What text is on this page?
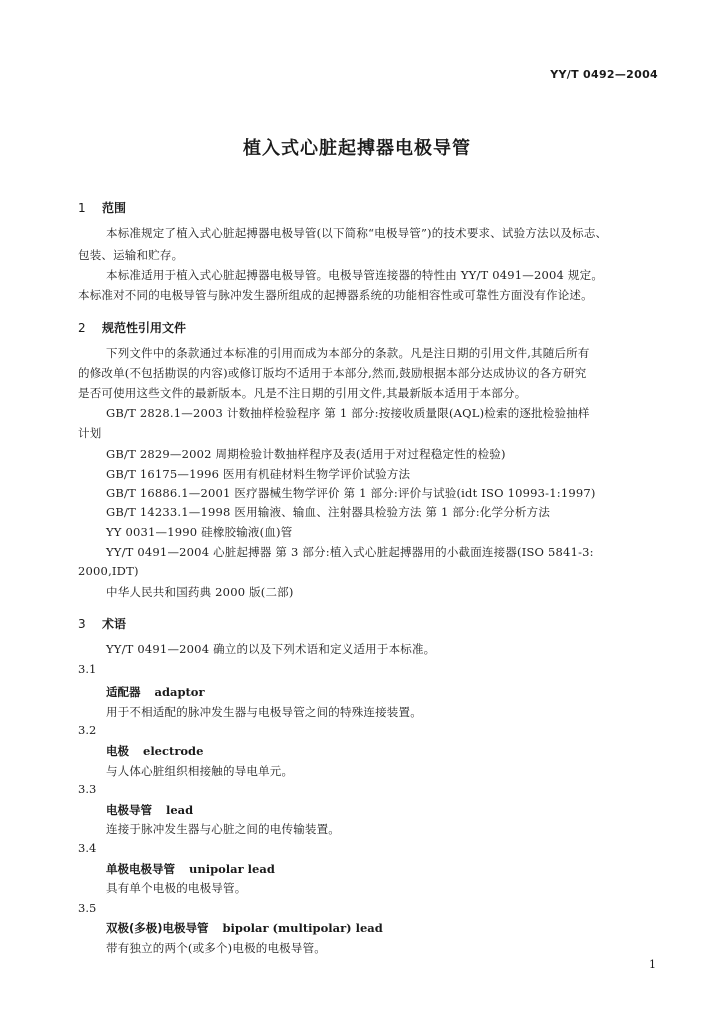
YY/T 0492—2004
植入式心脏起搏器电极导管
1 范围
本标准规定了植入式心脏起搏器电极导管(以下简称“电极导管”)的技术要求、试验方法以及标志、
包装、运输和贮存。
本标准适用于植入式心脏起搏器电极导管。电极导管连接器的特性由 YY/T 0491—2004 规定。
本标准对不同的电极导管与脉冲发生器所组成的起搏器系统的功能相容性或可靠性方面没有作论述。
2 规范性引用文件
下列文件中的条款通过本标准的引用而成为本部分的条款。凡是注日期的引用文件,其随后所有
的修改单(不包括勘误的内容)或修订版均不适用于本部分,然而,鼓励根据本部分达成协议的各方研究
是否可使用这些文件的最新版本。凡是不注日期的引用文件,其最新版本适用于本部分。
GB/T 2828.1—2003 计数抽样检验程序 第 1 部分:按接收质量限(AQL)检索的逐批检验抽样
计划
GB/T 2829—2002 周期检验计数抽样程序及表(适用于对过程稳定性的检验)
GB/T 16175—1996 医用有机硅材料生物学评价试验方法
GB/T 16886.1—2001 医疗器械生物学评价 第 1 部分:评价与试验(idt ISO 10993-1:1997)
GB/T 14233.1—1998 医用输液、输血、注射器具检验方法 第 1 部分:化学分析方法
YY 0031—1990 硅橡胶输液(血)管
YY/T 0491—2004 心脏起搏器 第 3 部分:植入式心脏起搏器用的小截面连接器(ISO 5841-3:
2000,IDT)
中华人民共和国药典 2000 版(二部)
3 术语
YY/T 0491—2004 确立的以及下列术语和定义适用于本标准。
3.1
适配器 adaptor
用于不相适配的脉冲发生器与电极导管之间的特殊连接装置。
3.2
电极 electrode
与人体心脏组织相接触的导电单元。
3.3
电极导管 lead
连接于脉冲发生器与心脏之间的电传输装置。
3.4
单极电极导管 unipolar lead
具有单个电极的电极导管。
3.5
双极(多极)电极导管 bipolar (multipolar) lead
带有独立的两个(或多个)电极的电极导管。
1
